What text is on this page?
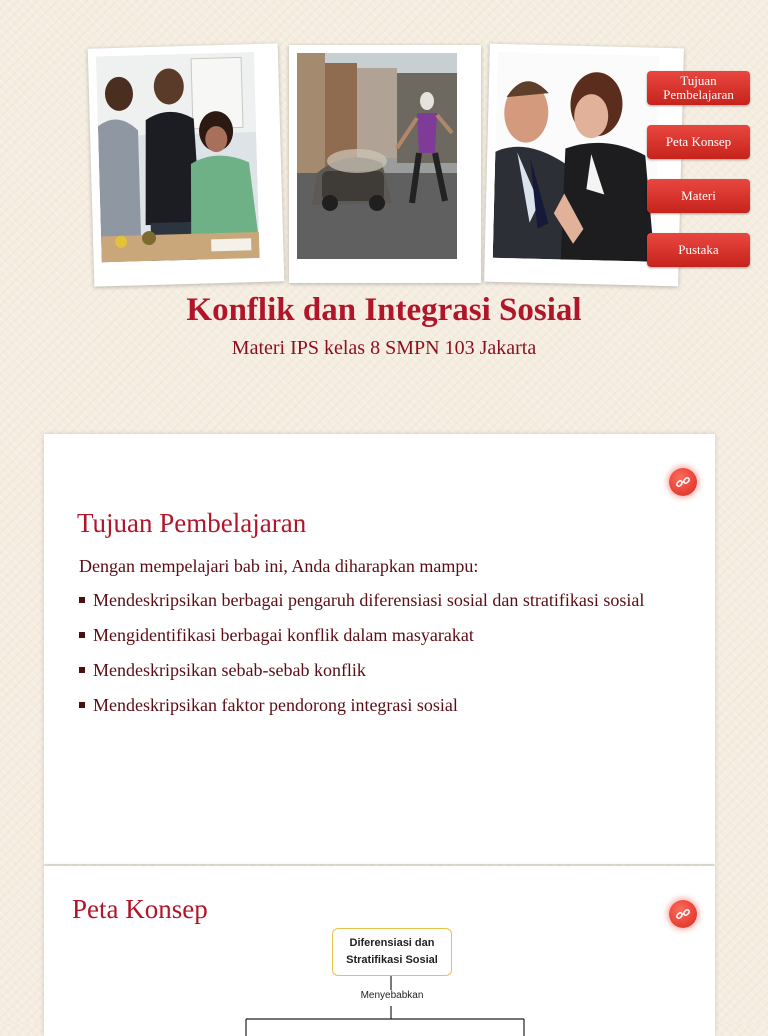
Tujuan Pembelajaran
Peta Konsep
Materi
Pustaka
Konflik dan Integrasi Sosial
Materi IPS kelas 8 SMPN 103 Jakarta
Tujuan Pembelajaran
Dengan mempelajari bab ini, Anda diharapkan mampu:
Mendeskripsikan berbagai pengaruh diferensiasi sosial dan stratifikasi sosial
Mengidentifikasi berbagai konflik dalam masyarakat
Mendeskripsikan sebab-sebab konflik
Mendeskripsikan faktor pendorong integrasi sosial
Peta Konsep
Diferensiasi dan
Stratifikasi Sosial
Menyebabkan
